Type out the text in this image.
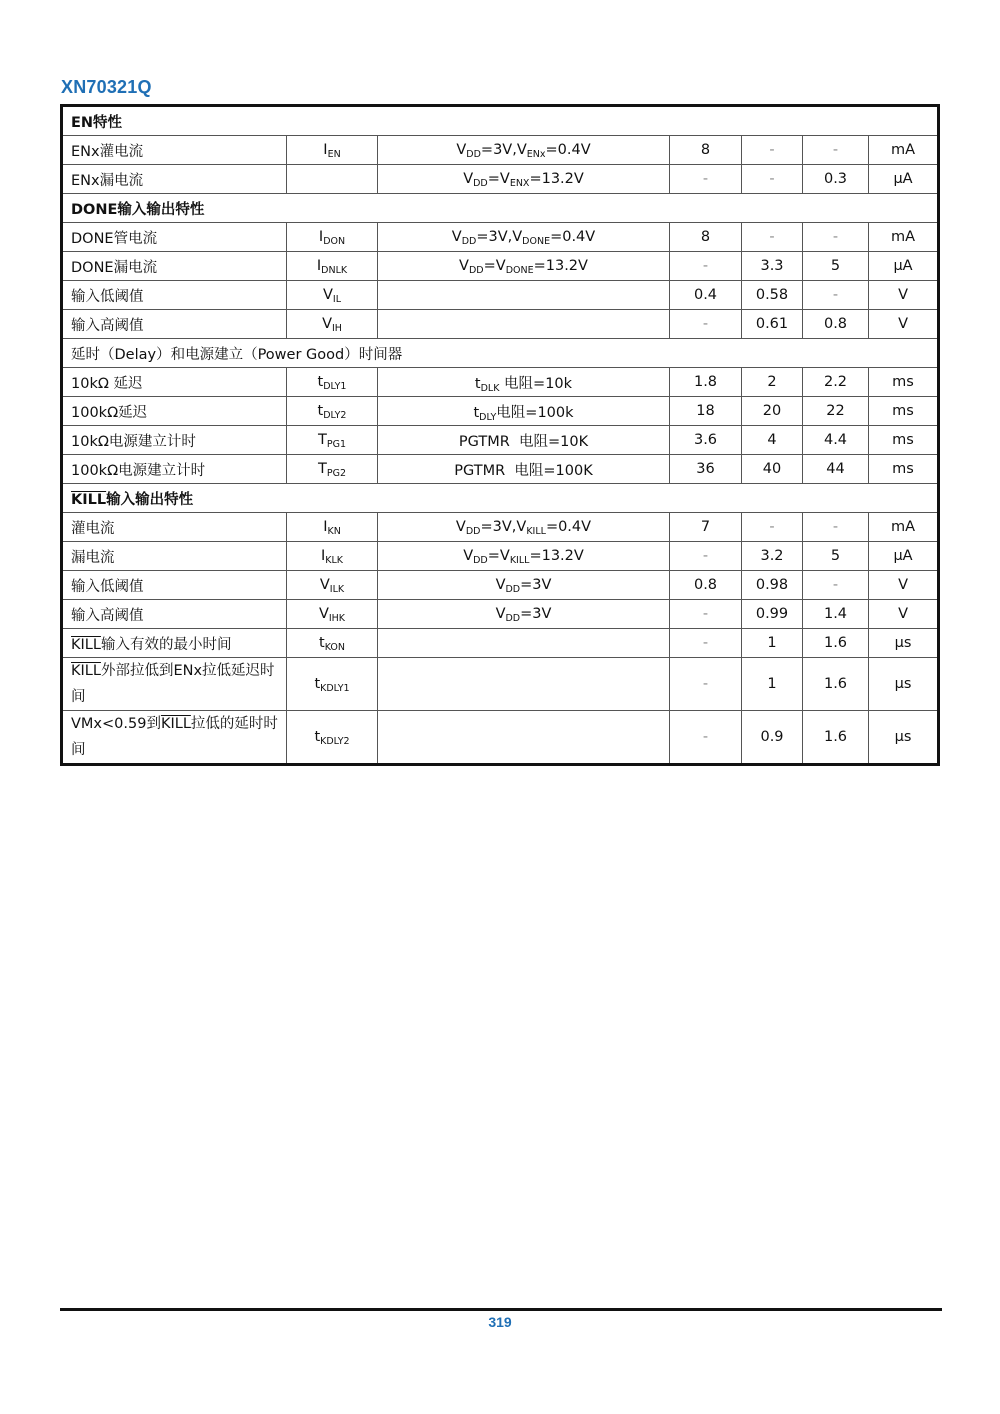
XN70321Q
EN特性						
ENx灌电流	$I_{EN}$	$V_{DD}=3V,V_{ENx}=0.4V$	8	-	-	mA
ENx漏电流		$V_{DD}=V_{ENX}=13.2V$	-	-	0.3	μA
DONE输入输出特性						
DONE管电流	$I_{DON}$	$V_{DD}=3V,V_{DONE}=0.4V$	8	-	-	mA
DONE漏电流	$I_{DNLK}$	$V_{DD}=V_{DONE}=13.2V$	-	3.3	5	μA
输入低阈值	$V_{IL}$		0.4	0.58	-	V
输入高阈值	$V_{IH}$		-	0.61	0.8	V
延时（Delay）和电源建立（Power Good）时间器						
10kΩ 延迟	$t_{DLY1}$	$t_{DLK}$ 电阻=10k	1.8	2	2.2	ms
100kΩ延迟	$t_{DLY2}$	$t_{DLY}$电阻=100k	18	20	22	ms
10kΩ电源建立计时	$T_{PG1}$	PGTMR  电阻=10K	3.6	4	4.4	ms
100kΩ电源建立计时	$T_{PG2}$	PGTMR  电阻=100K	36	40	44	ms
KILL输入输出特性						
灌电流	$I_{KN}$	$V_{DD}=3V,V_{KILL}=0.4V$	7	-	-	mA
漏电流	$I_{KLK}$	$V_{DD}=V_{KILL}=13.2V$	-	3.2	5	μA
输入低阈值	$V_{ILK}$	$V_{DD}=3V$	0.8	0.98	-	V
输入高阈值	$V_{IHK}$	$V_{DD}=3V$	-	0.99	1.4	V
KILL输入有效的最小时间	$t_{KON}$		-	1	1.6	μs
KILL外部拉低到ENx拉低延迟时间	$t_{KDLY1}$		-	1	1.6	μs
VMx<0.59到KILL拉低的延时时间	$t_{KDLY2}$		-	0.9	1.6	μs
319
